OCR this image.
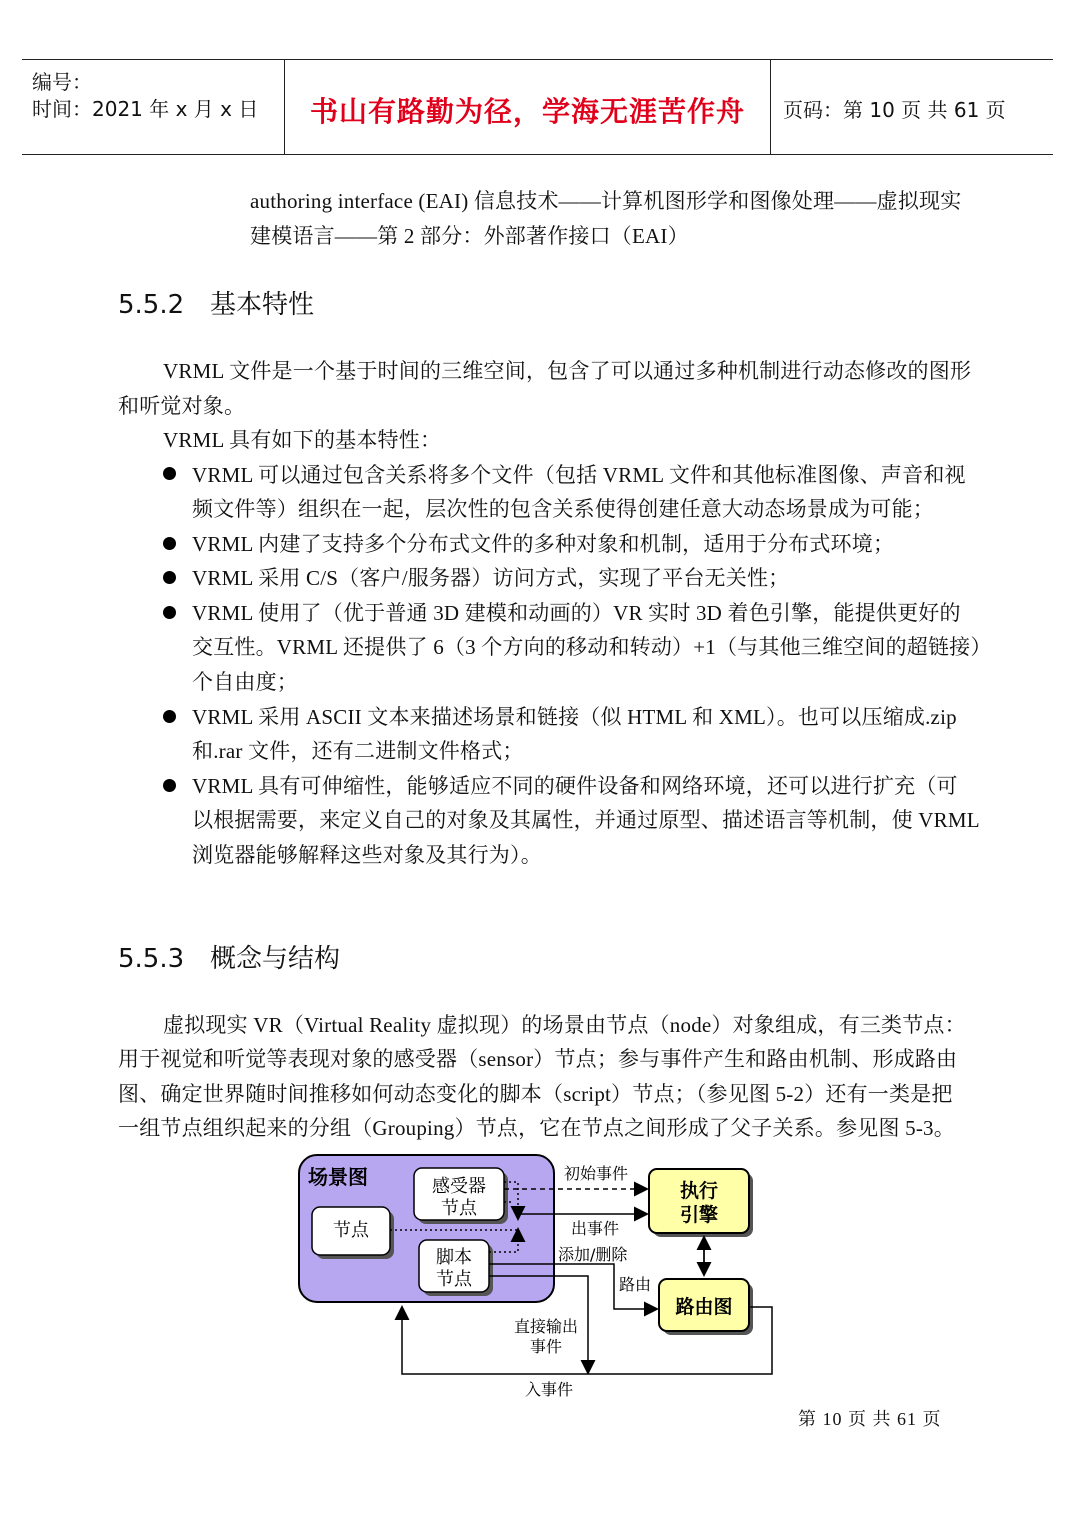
编号：
时间：2021 年 x 月 x 日	书山有路勤为径，学海无涯苦作舟	页码：第 10 页 共 61 页
authoring interface (EAI) 信息技术——计算机图形学和图像处理——虚拟现实
建模语言——第 2 部分：外部著作接口（EAI）
5.5.2 基本特性
VRML 文件是一个基于时间的三维空间，包含了可以通过多种机制进行动态修改的图形
和听觉对象。
VRML 具有如下的基本特性：
VRML 可以通过包含关系将多个文件（包括 VRML 文件和其他标准图像、声音和视
频文件等）组织在一起，层次性的包含关系使得创建任意大动态场景成为可能；
VRML 内建了支持多个分布式文件的多种对象和机制，适用于分布式环境；
VRML 采用 C/S（客户/服务器）访问方式，实现了平台无关性；
VRML 使用了（优于普通 3D 建模和动画的）VR 实时 3D 着色引擎，能提供更好的
交互性。VRML 还提供了 6（3 个方向的移动和转动）+1（与其他三维空间的超链接）
个自由度；
VRML 采用 ASCII 文本来描述场景和链接（似 HTML 和 XML）。也可以压缩成.zip
和.rar 文件，还有二进制文件格式；
VRML 具有可伸缩性，能够适应不同的硬件设备和网络环境，还可以进行扩充（可
以根据需要，来定义自己的对象及其属性，并通过原型、描述语言等机制，使 VRML
浏览器能够解释这些对象及其行为）。
5.5.3 概念与结构
虚拟现实 VR（Virtual Reality 虚拟现）的场景由节点（node）对象组成，有三类节点：
用于视觉和听觉等表现对象的感受器（sensor）节点；参与事件产生和路由机制、形成路由
图、确定世界随时间推移如何动态变化的脚本（script）节点；（参见图 5-2）还有一类是把
一组节点组织起来的分组（Grouping）节点，它在节点之间形成了父子关系。参见图 5-3。
场景图	感受器
节点
节点
脚本
节点
执行
引擎
路由图
初始事件
出事件
添加/删除
路由
直接输出
事件
入事件
第 10 页 共 61 页
